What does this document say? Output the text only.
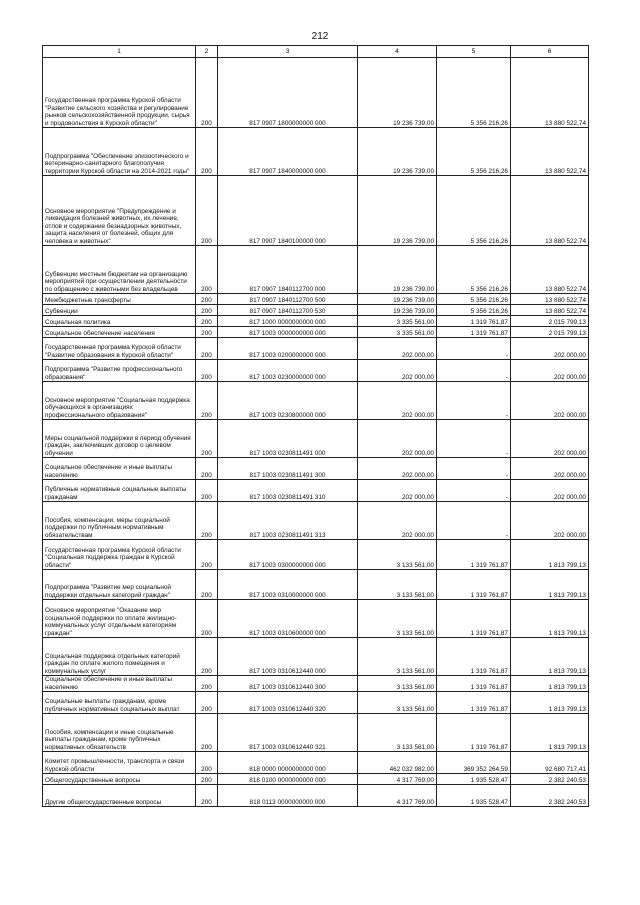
212
1	2	3	4	5	6
Государственная программа Курской области "Развитие сельского хозяйства и регулирование рынков сельскохозяйственной продукции, сырья и продовольствия в Курской области"	200	817 0907 1800000000 000	19 236 739,00	5 356 216,26	13 880 522,74
Подпрограмма "Обеспечение эпизоотического и ветеринарно-санитарного благополучия территории Курской области на 2014-2021 годы"	200	817 0907 1840000000 000	19 236 739,00	5 356 216,26	13 880 522,74
Основное мероприятие "Предупреждение и ликвидация болезней животных, их лечение, отлов и содержание безнадзорных животных, защита населения от болезней, общих для человека и животных"	200	817 0907 1840100000 000	19 236 739,00	5 356 216,26	13 880 522,74
Субвенции местным бюджетам на организацию мероприятий при осуществлении деятельности по обращению с животными без владельцев	200	817 0907 1840112700 000	19 236 739,00	5 356 216,26	13 880 522,74
Межбюджетные трансферты	200	817 0907 1840112700 500	19 236 739,00	5 356 216,26	13 880 522,74
Субвенции	200	817 0907 1840112700 530	19 236 739,00	5 356 216,26	13 880 522,74
Социальная политика	200	817 1000 0000000000 000	3 335 561,00	1 319 761,87	2 015 799,13
Социальное обеспечение населения	200	817 1003 0000000000 000	3 335 561,00	1 319 761,87	2 015 799,13
Государственная программа Курской области "Развитие образования в Курской области"	200	817 1003 0200000000 000	202 000,00	-	202 000,00
Подпрограмма "Развитие профессионального образования"	200	817 1003 0230000000 000	202 000,00	-	202 000,00
Основное мероприятие "Социальная поддержка обучающихся в организациях профессионального образования"	200	817 1003 0230800000 000	202 000,00	-	202 000,00
Меры социальной поддержки в период обучения граждан, заключивших договор о целевом обучении	200	817 1003 0230811491 000	202 000,00	-	202 000,00
Социальное обеспечение и иные выплаты населению	200	817 1003 0230811491 300	202 000,00	-	202 000,00
Публичные нормативные социальные выплаты гражданам	200	817 1003 0230811491 310	202 000,00	-	202 000,00
Пособия, компенсации, меры социальной поддержки по публичным нормативным обязательствам	200	817 1003 0230811491 313	202 000,00	-	202 000,00
Государственная программа Курской области "Социальная поддержка граждан в Курской области"	200	817 1003 0300000000 000	3 133 561,00	1 319 761,87	1 813 799,13
Подпрограмма "Развитие мер социальной поддержки отдельных категорий граждан"	200	817 1003 0310000000 000	3 133 561,00	1 319 761,87	1 813 799,13
Основное мероприятие "Оказание мер социальной поддержки по оплате жилищно-коммунальных услуг отдельным категориям граждан"	200	817 1003 0310600000 000	3 133 561,00	1 319 761,87	1 813 799,13
Социальная поддержка отдельных категорий граждан по оплате жилого помещения и коммунальных услуг	200	817 1003 0310612440 000	3 133 561,00	1 319 761,87	1 813 799,13
Социальное обеспечение и иные выплаты населению	200	817 1003 0310612440 300	3 133 561,00	1 319 761,87	1 813 799,13
Социальные выплаты гражданам, кроме публичных нормативных социальных выплат	200	817 1003 0310612440 320	3 133 561,00	1 319 761,87	1 813 799,13
Пособия, компенсации и иные социальные выплаты гражданам, кроме публичных нормативных обязательств	200	817 1003 0310612440 321	3 133 561,00	1 319 761,87	1 813 799,13
Комитет промышленности, транспорта и связи Курской области	200	818 0000 0000000000 000	462 032 982,00	369 352 264,59	92 680 717,41
Общегосударственные вопросы	200	818 0100 0000000000 000	4 317 769,00	1 935 528,47	2 382 240,53
Другие общегосударственные вопросы	200	818 0113 0000000000 000	4 317 769,00	1 935 528,47	2 382 240,53
